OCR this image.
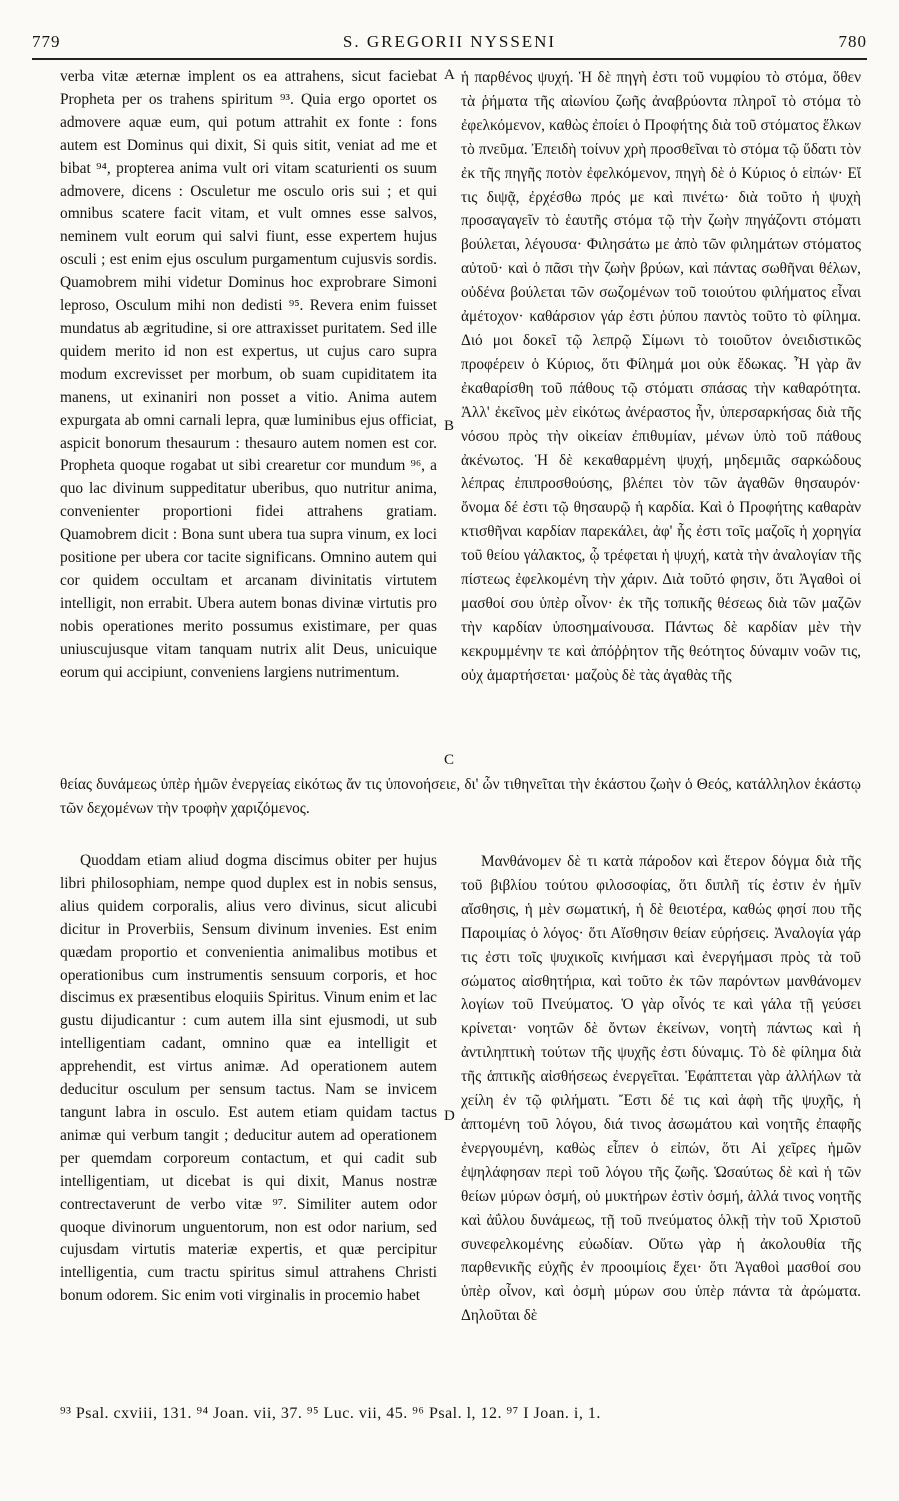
779	S. GREGORII NYSSENI	780

verba vitæ æternæ implent os ea attrahens, sicut faciebat Propheta per os trahens spiritum ⁹³. Quia ergo oportet os admovere aquæ eum, qui potum attrahit ex fonte : fons autem est Dominus qui dixit, Si quis sitit, veniat ad me et bibat ⁹⁴, propterea anima vult ori vitam scaturienti os suum admovere, dicens : Osculetur me osculo oris sui ; et qui omnibus scatere facit vitam, et vult omnes esse salvos, neminem vult eorum qui salvi fiunt, esse expertem hujus osculi ; est enim ejus osculum purgamentum cujusvis sordis. Quamobrem mihi videtur Dominus hoc exprobrare Simoni leproso, Osculum mihi non dedisti ⁹⁵. Revera enim fuisset mundatus ab ægritudine, si ore attraxisset puritatem. Sed ille quidem merito id non est expertus, ut cujus caro supra modum excrevisset per morbum, ob suam cupiditatem ita manens, ut exinaniri non posset a vitio. Anima autem expurgata ab omni carnali lepra, quæ luminibus ejus officiat, aspicit bonorum thesaurum : thesauro autem nomen est cor. Propheta quoque rogabat ut sibi crearetur cor mundum ⁹⁶, a quo lac divinum suppeditatur uberibus, quo nutritur anima, convenienter proportioni fidei attrahens gratiam. Quamobrem dicit : Bona sunt ubera tua supra vinum, ex loci positione per ubera cor tacite significans. Omnino autem qui cor quidem occultam et arcanam divinitatis virtutem intelligit, non errabit. Ubera autem bonas divinæ virtutis pro nobis operationes merito possumus existimare, per quas uniuscujusque vitam tanquam nutrix alit Deus, unicuique eorum qui accipiunt, conveniens largiens nutrimentum.

ἡ παρθένος ψυχή. Ἡ δὲ πηγὴ ἐστι τοῦ νυμφίου τὸ στόμα, ὅθεν τὰ ῥήματα τῆς αἰωνίου ζωῆς ἀναβρύοντα πληροῖ τὸ στόμα τὸ ἐφελκόμενον, καθὼς ἐποίει ὁ Προφήτης διὰ τοῦ στόματος ἕλκων τὸ πνεῦμα. Ἐπειδὴ τοίνυν χρὴ προσθεῖναι τὸ στόμα τῷ ὕδατι τὸν ἐκ τῆς πηγῆς ποτὸν ἐφελκόμενον, πηγὴ δὲ ὁ Κύριος ὁ εἰπών· Εἴ τις διψᾷ, ἐρχέσθω πρός με καὶ πινέτω· διὰ τοῦτο ἡ ψυχὴ προσαγαγεῖν τὸ ἑαυτῆς στόμα τῷ τὴν ζωὴν πηγάζοντι στόματι βούλεται, λέγουσα· Φιλησάτω με ἀπὸ τῶν φιλημάτων στόματος αὐτοῦ· καὶ ὁ πᾶσι τὴν ζωὴν βρύων, καὶ πάντας σωθῆναι θέλων, οὐδένα βούλεται τῶν σωζομένων τοῦ τοιούτου φιλήματος εἶναι ἀμέτοχον· καθάρσιον γάρ ἐστι ῥύπου παντὸς τοῦτο τὸ φίλημα. Διό μοι δοκεῖ τῷ λεπρῷ Σίμωνι τὸ τοιοῦτον ὀνειδιστικῶς προφέρειν ὁ Κύριος, ὅτι Φίλημά μοι οὐκ ἔδωκας. Ἦ γὰρ ἂν ἐκαθαρίσθη τοῦ πάθους τῷ στόματι σπάσας τὴν καθαρότητα. Ἀλλ' ἐκεῖνος μὲν εἰκότως ἀνέραστος ἦν, ὑπερσαρκήσας διὰ τῆς νόσου πρὸς τὴν οἰκείαν ἐπιθυμίαν, μένων ὑπὸ τοῦ πάθους ἀκένωτος. Ἡ δὲ κεκαθαρμένη ψυχή, μηδεμιᾶς σαρκώδους λέπρας ἐπιπροσθούσης, βλέπει τὸν τῶν ἀγαθῶν θησαυρόν· ὄνομα δέ ἐστι τῷ θησαυρῷ ἡ καρδία. Καὶ ὁ Προφήτης καθαρὰν κτισθῆναι καρδίαν παρεκάλει, ἀφ' ἧς ἐστι τοῖς μαζοῖς ἡ χορηγία τοῦ θείου γάλακτος, ᾧ τρέφεται ἡ ψυχή, κατὰ τὴν ἀναλογίαν τῆς πίστεως ἐφελκομένη τὴν χάριν. Διὰ τοῦτό φησιν, ὅτι Ἀγαθοὶ οἱ μασθοί σου ὑπὲρ οἶνον· ἐκ τῆς τοπικῆς θέσεως διὰ τῶν μαζῶν τὴν καρδίαν ὑποσημαίνουσα. Πάντως δὲ καρδίαν μὲν τὴν κεκρυμμένην τε καὶ ἀπόῤῥητον τῆς θεότητος δύναμιν νοῶν τις, οὐχ ἁμαρτήσεται· μαζοὺς δὲ τὰς ἀγαθὰς τῆς

θείας δυνάμεως ὑπὲρ ἡμῶν ἐνεργείας εἰκότως ἄν τις ὑπονοήσειε, δι' ὧν τιθηνεῖται τὴν ἑκάστου ζωὴν ὁ Θεός, κατάλληλον ἑκάστῳ τῶν δεχομένων τὴν τροφὴν χαριζόμενος.

Quoddam etiam aliud dogma discimus obiter per hujus libri philosophiam, nempe quod duplex est in nobis sensus, alius quidem corporalis, alius vero divinus, sicut alicubi dicitur in Proverbiis, Sensum divinum invenies. Est enim quædam proportio et convenientia animalibus motibus et operationibus cum instrumentis sensuum corporis, et hoc discimus ex præsentibus eloquiis Spiritus. Vinum enim et lac gustu dijudicantur : cum autem illa sint ejusmodi, ut sub intelligentiam cadant, omnino quæ ea intelligit et apprehendit, est virtus animæ. Ad operationem autem deducitur osculum per sensum tactus. Nam se invicem tangunt labra in osculo. Est autem etiam quidam tactus animæ qui verbum tangit ; deducitur autem ad operationem per quemdam corporeum contactum, et qui cadit sub intelligentiam, ut dicebat is qui dixit, Manus nostræ contrectaverunt de verbo vitæ ⁹⁷. Similiter autem odor quoque divinorum unguentorum, non est odor narium, sed cujusdam virtutis materiæ expertis, et quæ percipitur intelligentia, cum tractu spiritus simul attrahens Christi bonum odorem. Sic enim voti virginalis in procemio habet

Μανθάνομεν δὲ τι κατὰ πάροδον καὶ ἕτερον δόγμα διὰ τῆς τοῦ βιβλίου τούτου φιλοσοφίας, ὅτι διπλῆ τίς ἐστιν ἐν ἡμῖν αἴσθησις, ἡ μὲν σωματική, ἡ δὲ θειοτέρα, καθώς φησί που τῆς Παροιμίας ὁ λόγος· ὅτι Αἴσθησιν θείαν εὑρήσεις. Ἀναλογία γάρ τις ἐστι τοῖς ψυχικοῖς κινήμασι καὶ ἐνεργήμασι πρὸς τὰ τοῦ σώματος αἰσθητήρια, καὶ τοῦτο ἐκ τῶν παρόντων μανθάνομεν λογίων τοῦ Πνεύματος. Ὁ γὰρ οἶνός τε καὶ γάλα τῇ γεύσει κρίνεται· νοητῶν δὲ ὄντων ἐκείνων, νοητὴ πάντως καὶ ἡ ἀντιληπτικὴ τούτων τῆς ψυχῆς ἐστι δύναμις. Τὸ δὲ φίλημα διὰ τῆς ἁπτικῆς αἰσθήσεως ἐνεργεῖται. Ἐφάπτεται γὰρ ἀλλήλων τὰ χείλη ἐν τῷ φιλήματι. Ἔστι δέ τις καὶ ἁφὴ τῆς ψυχῆς, ἡ ἁπτομένη τοῦ λόγου, διά τινος ἀσωμάτου καὶ νοητῆς ἐπαφῆς ἐνεργουμένη, καθὼς εἶπεν ὁ εἰπών, ὅτι Αἱ χεῖρες ἡμῶν ἐψηλάφησαν περὶ τοῦ λόγου τῆς ζωῆς. Ὡσαύτως δὲ καὶ ἡ τῶν θείων μύρων ὀσμή, οὐ μυκτήρων ἐστὶν ὀσμή, ἀλλά τινος νοητῆς καὶ ἀΰλου δυνάμεως, τῇ τοῦ πνεύματος ὁλκῇ τὴν τοῦ Χριστοῦ συνεφελκομένης εὐωδίαν. Οὕτω γὰρ ἡ ἀκολουθία τῆς παρθενικῆς εὐχῆς ἐν προοιμίοις ἔχει· ὅτι Ἀγαθοὶ μασθοί σου ὑπὲρ οἶνον, καὶ ὀσμὴ μύρων σου ὑπὲρ πάντα τὰ ἀρώματα. Δηλοῦται δὲ

A
B
C
D
⁹³ Psal. cxviii, 131. ⁹⁴ Joan. vii, 37. ⁹⁵ Luc. vii, 45. ⁹⁶ Psal. l, 12. ⁹⁷ I Joan. i, 1.
